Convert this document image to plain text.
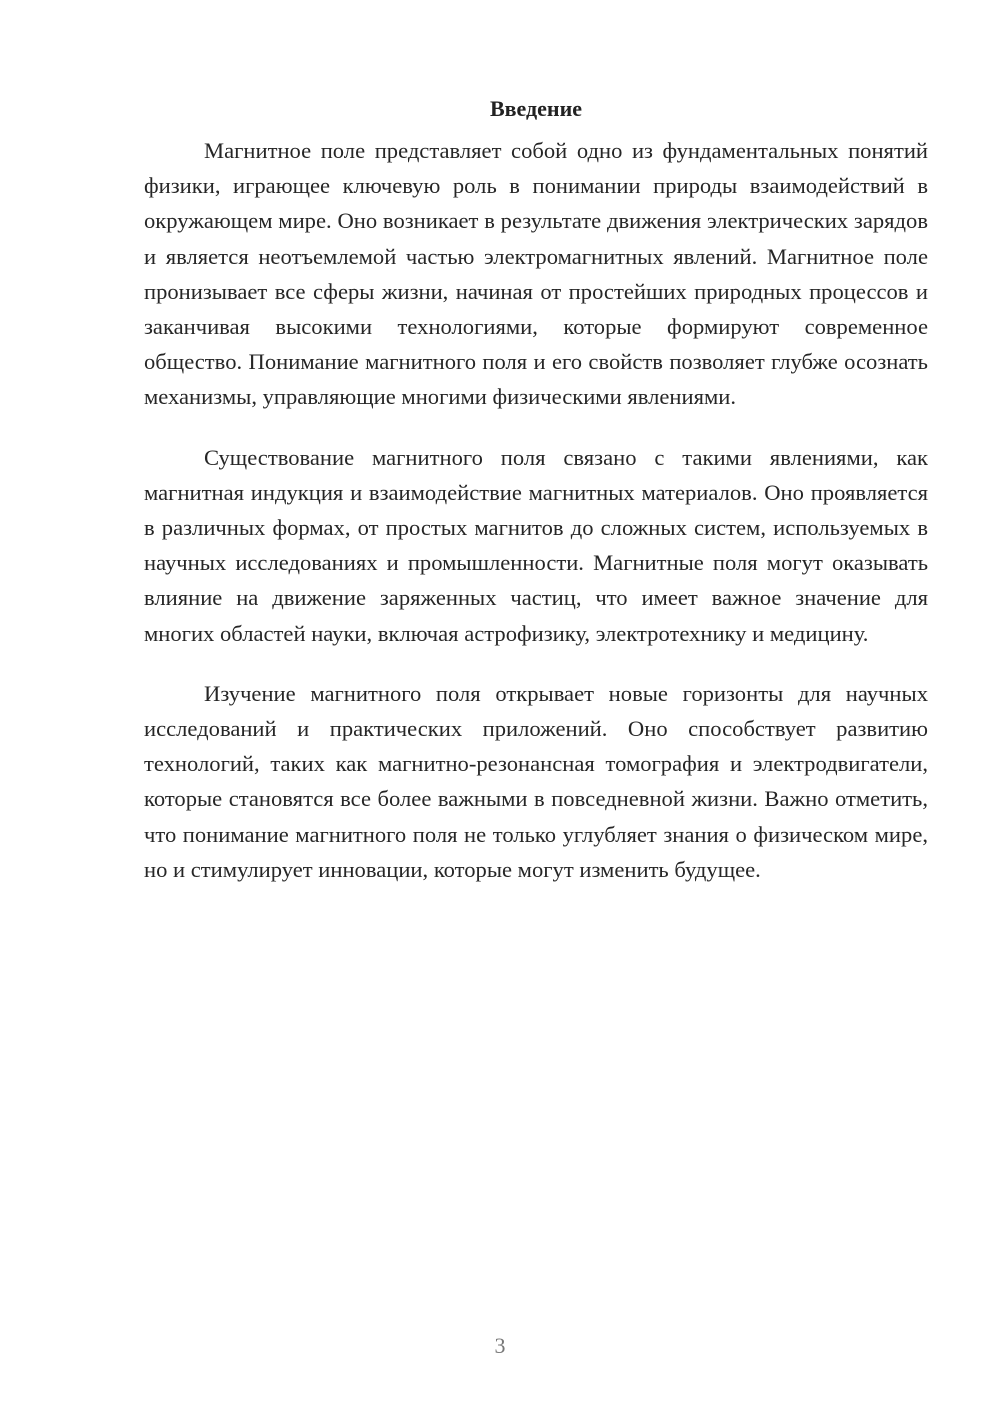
Введение

Магнитное поле представляет собой одно из фундаментальных понятий физики, играющее ключевую роль в понимании природы взаимодействий в окружающем мире. Оно возникает в результате движения электрических зарядов и является неотъемлемой частью электромагнитных явлений. Магнитное поле пронизывает все сферы жизни, начиная от простейших природных процессов и заканчивая высокими технологиями, которые формируют современное общество. Понимание магнитного поля и его свойств позволяет глубже осознать механизмы, управляющие многими физическими явлениями.

Существование магнитного поля связано с такими явлениями, как магнитная индукция и взаимодействие магнитных материалов. Оно проявляется в различных формах, от простых магнитов до сложных систем, используемых в научных исследованиях и промышленности. Магнитные поля могут оказывать влияние на движение заряженных частиц, что имеет важное значение для многих областей науки, включая астрофизику, электротехнику и медицину.

Изучение магнитного поля открывает новые горизонты для научных исследований и практических приложений. Оно способствует развитию технологий, таких как магнитно-резонансная томография и электродвигатели, которые становятся все более важными в повседневной жизни. Важно отметить, что понимание магнитного поля не только углубляет знания о физическом мире, но и стимулирует инновации, которые могут изменить будущее.

3
